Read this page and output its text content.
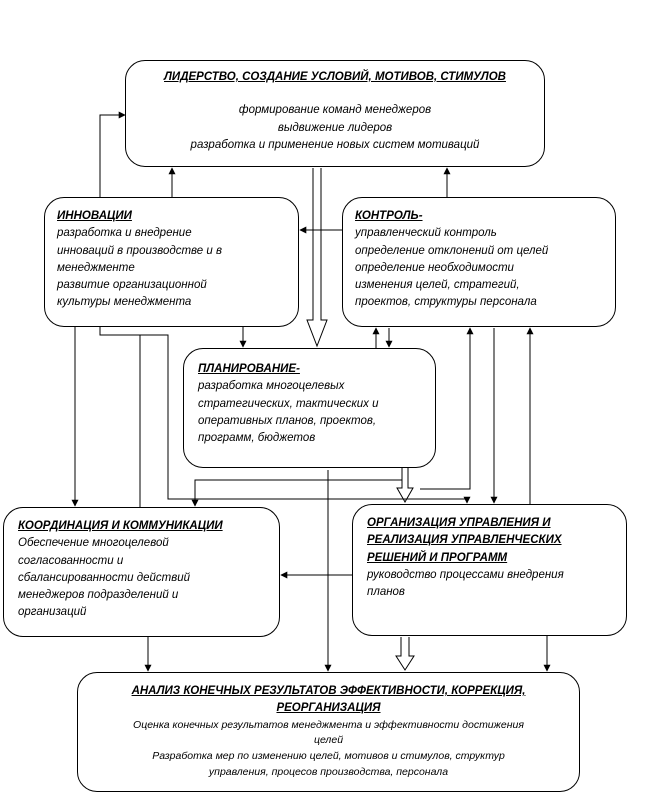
ЛИДЕРСТВО, СОЗДАНИЕ УСЛОВИЙ, МОТИВОВ, СТИМУЛОВ
формирование команд менеджеров
выдвижение лидеров
разработка и применение новых систем мотиваций
ИННОВАЦИИ
разработка и внедрение
инноваций в производстве и в
менеджменте
развитие организационной
культуры менеджмента
КОНТРОЛЬ-
управленческий контроль
определение отклонений от целей
определение необходимости
изменения целей, стратегий,
проектов, структуры персонала
ПЛАНИРОВАНИЕ-
разработка многоцелевых
стратегических, тактических и
оперативных планов, проектов,
программ, бюджетов
КООРДИНАЦИЯ И КОММУНИКАЦИИ
Обеспечение многоцелевой
согласованности и
сбалансированности действий
менеджеров подразделений и
организаций
ОРГАНИЗАЦИЯ УПРАВЛЕНИЯ И
РЕАЛИЗАЦИЯ УПРАВЛЕНЧЕСКИХ
РЕШЕНИЙ И ПРОГРАММ
руководство процессами внедрения
планов
АНАЛИЗ КОНЕЧНЫХ РЕЗУЛЬТАТОВ ЭФФЕКТИВНОСТИ, КОРРЕКЦИЯ,
РЕОРГАНИЗАЦИЯ
Оценка конечных результатов менеджмента и эффективности достижения
целей
Разработка мер по изменению целей, мотивов и стимулов, структур
управления, процесов производства, персонала
